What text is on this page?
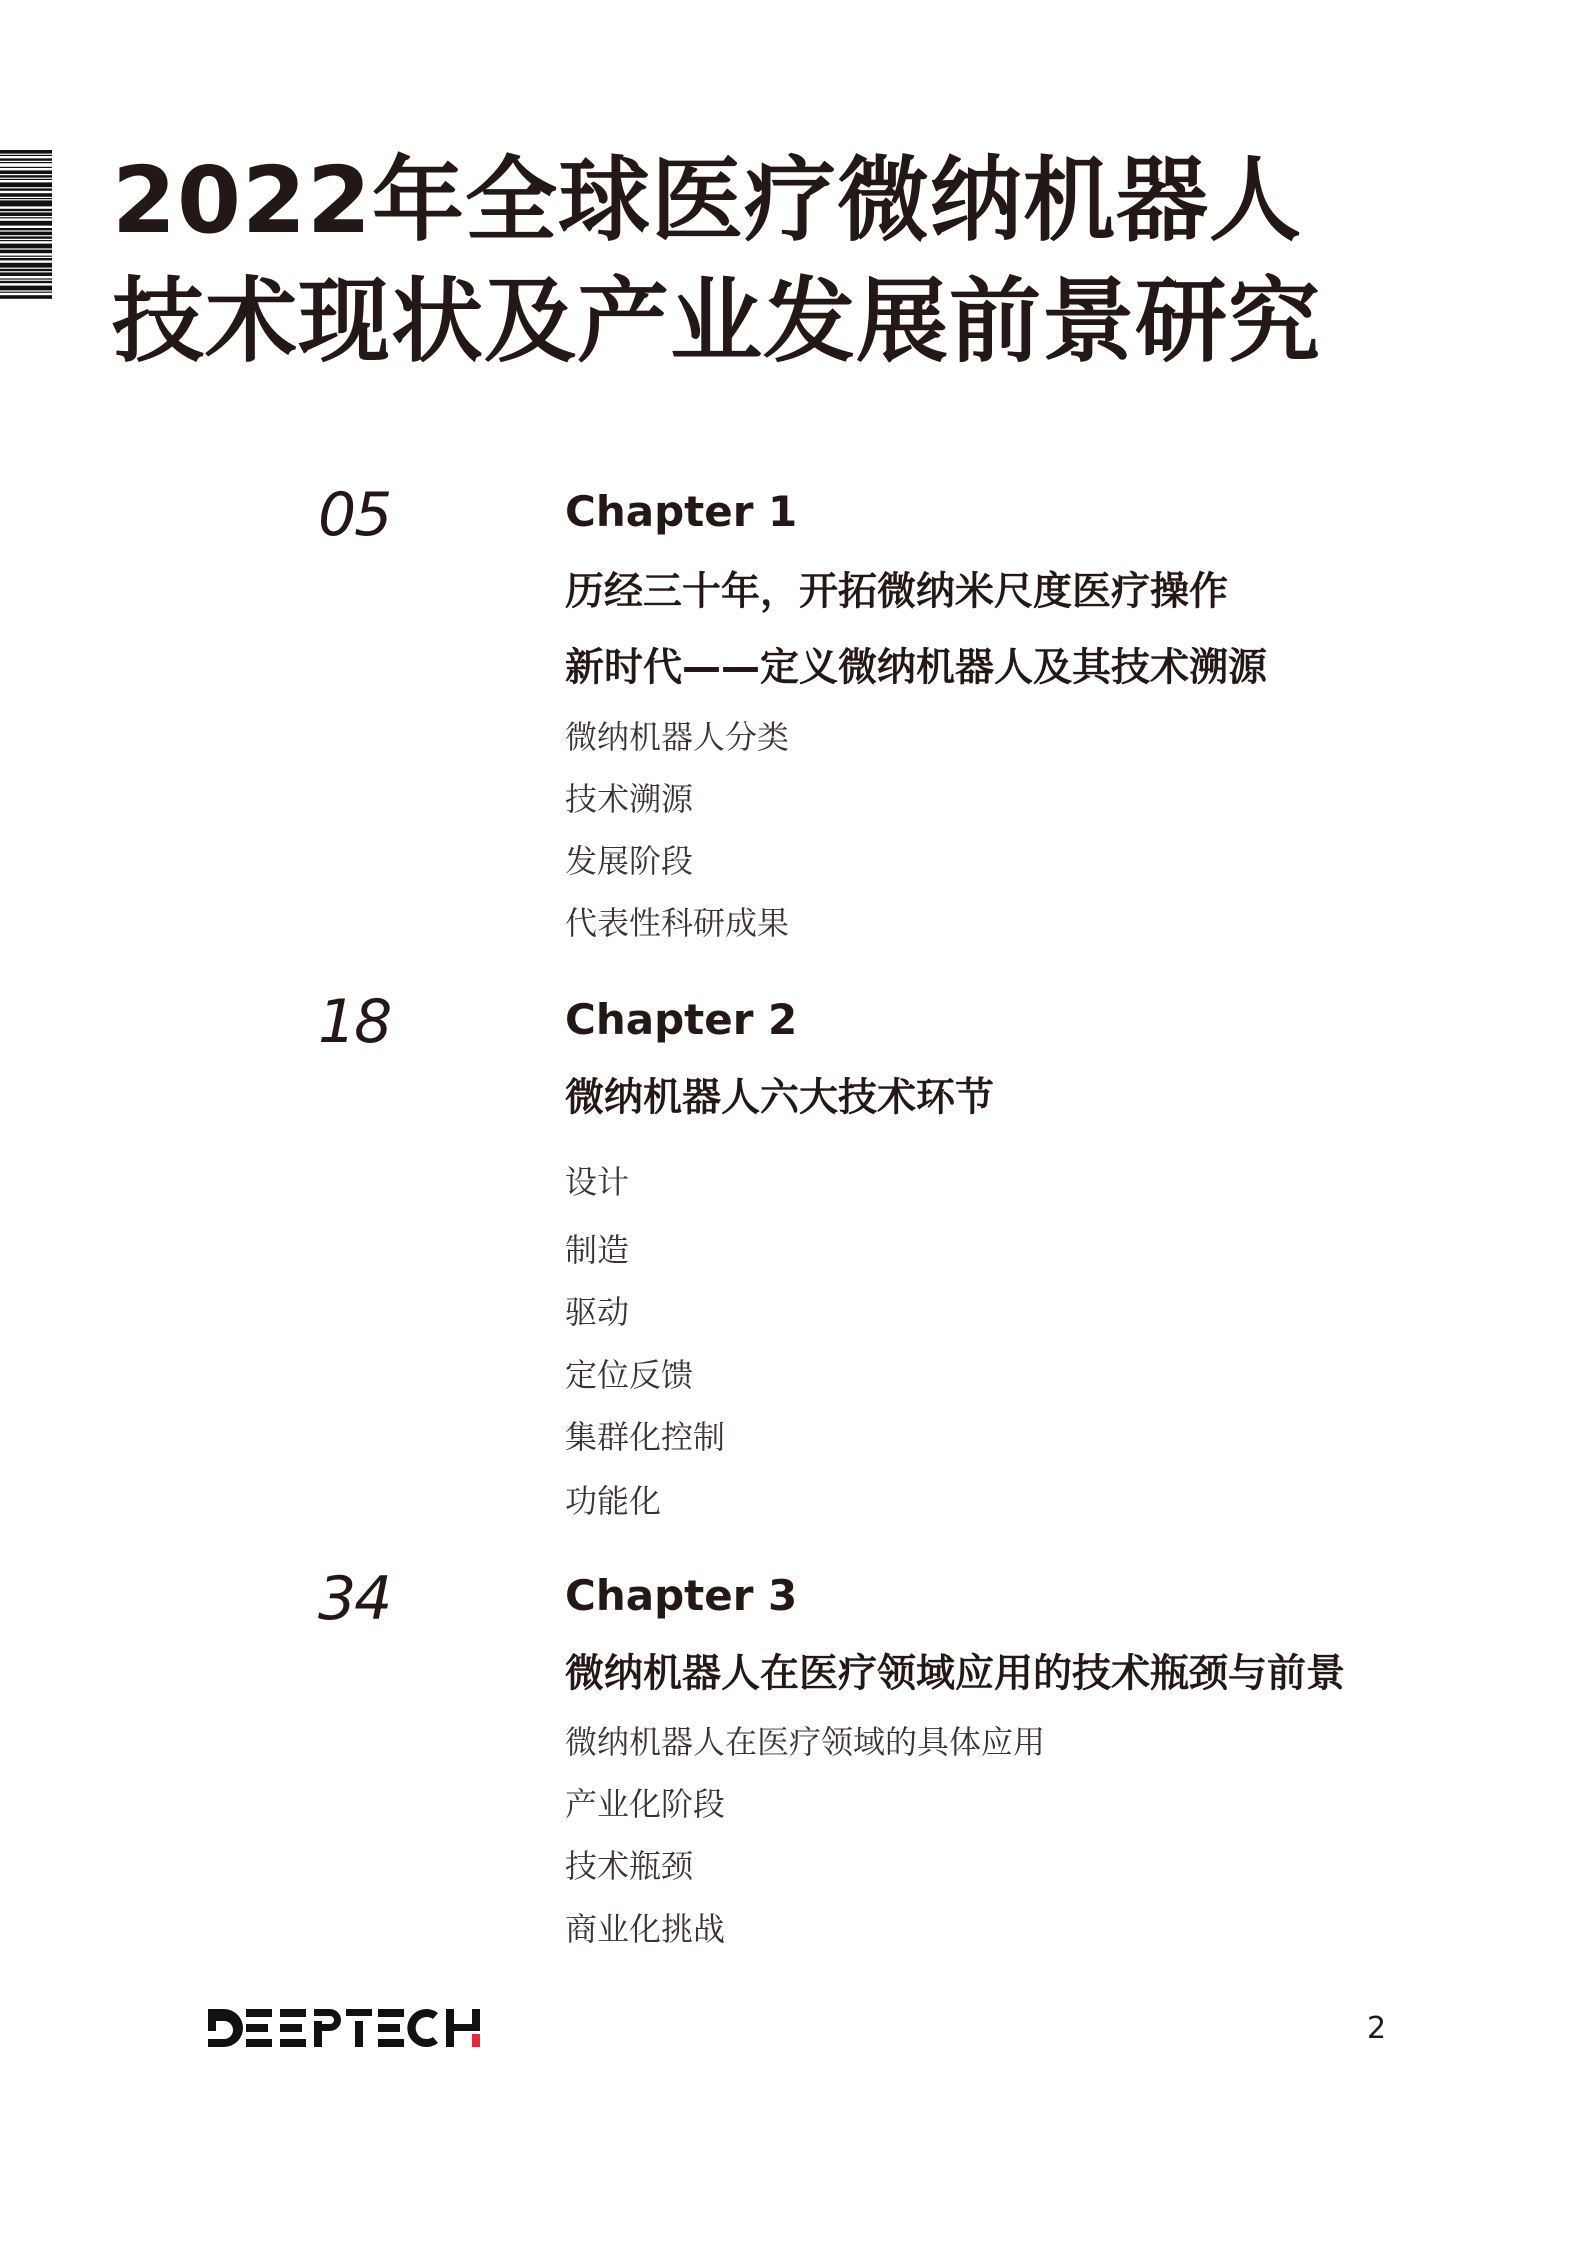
2022年全球医疗微纳机器人
技术现状及产业发展前景研究
05	Chapter 1
历经三十年，开拓微纳米尺度医疗操作
新时代——定义微纳机器人及其技术溯源
微纳机器人分类
技术溯源
发展阶段
代表性科研成果
18	Chapter 2
微纳机器人六大技术环节
设计
制造
驱动
定位反馈
集群化控制
功能化
34	Chapter 3
微纳机器人在医疗领域应用的技术瓶颈与前景
微纳机器人在医疗领域的具体应用
产业化阶段
技术瓶颈
商业化挑战
2
